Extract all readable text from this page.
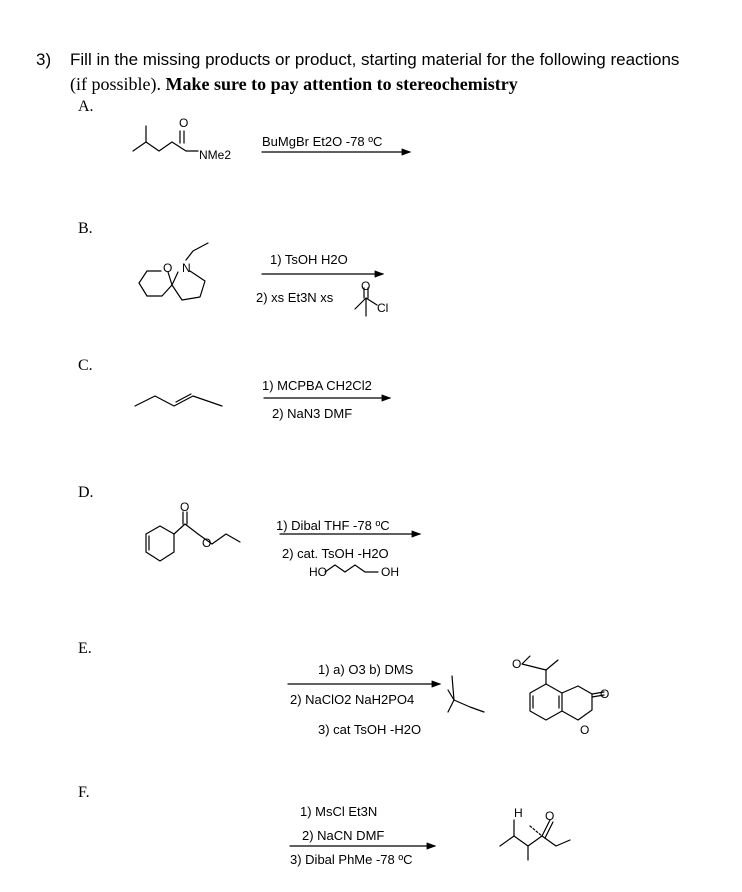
3) Fill in the missing products or product, starting material for the following reactions
(if possible). Make sure to pay attention to stereochemistry
A.
B.
C.
D.
E.
F.
BuMgBr Et2O -78 ºC
1) TsOH H2O
2) xs Et3N xs
1) MCPBA CH2Cl2
2) NaN3 DMF
1) Dibal THF -78 ºC
2) cat. TsOH -H2O
1) a) O3 b) DMS
2) NaClO2 NaH2PO4
3) cat TsOH -H2O
1) MsCl Et3N
2) NaCN DMF
3) Dibal PhMe -78 ºC
O
NMe2
O N
O
Cl
O
O
HO	OH
O
O
O
H O
